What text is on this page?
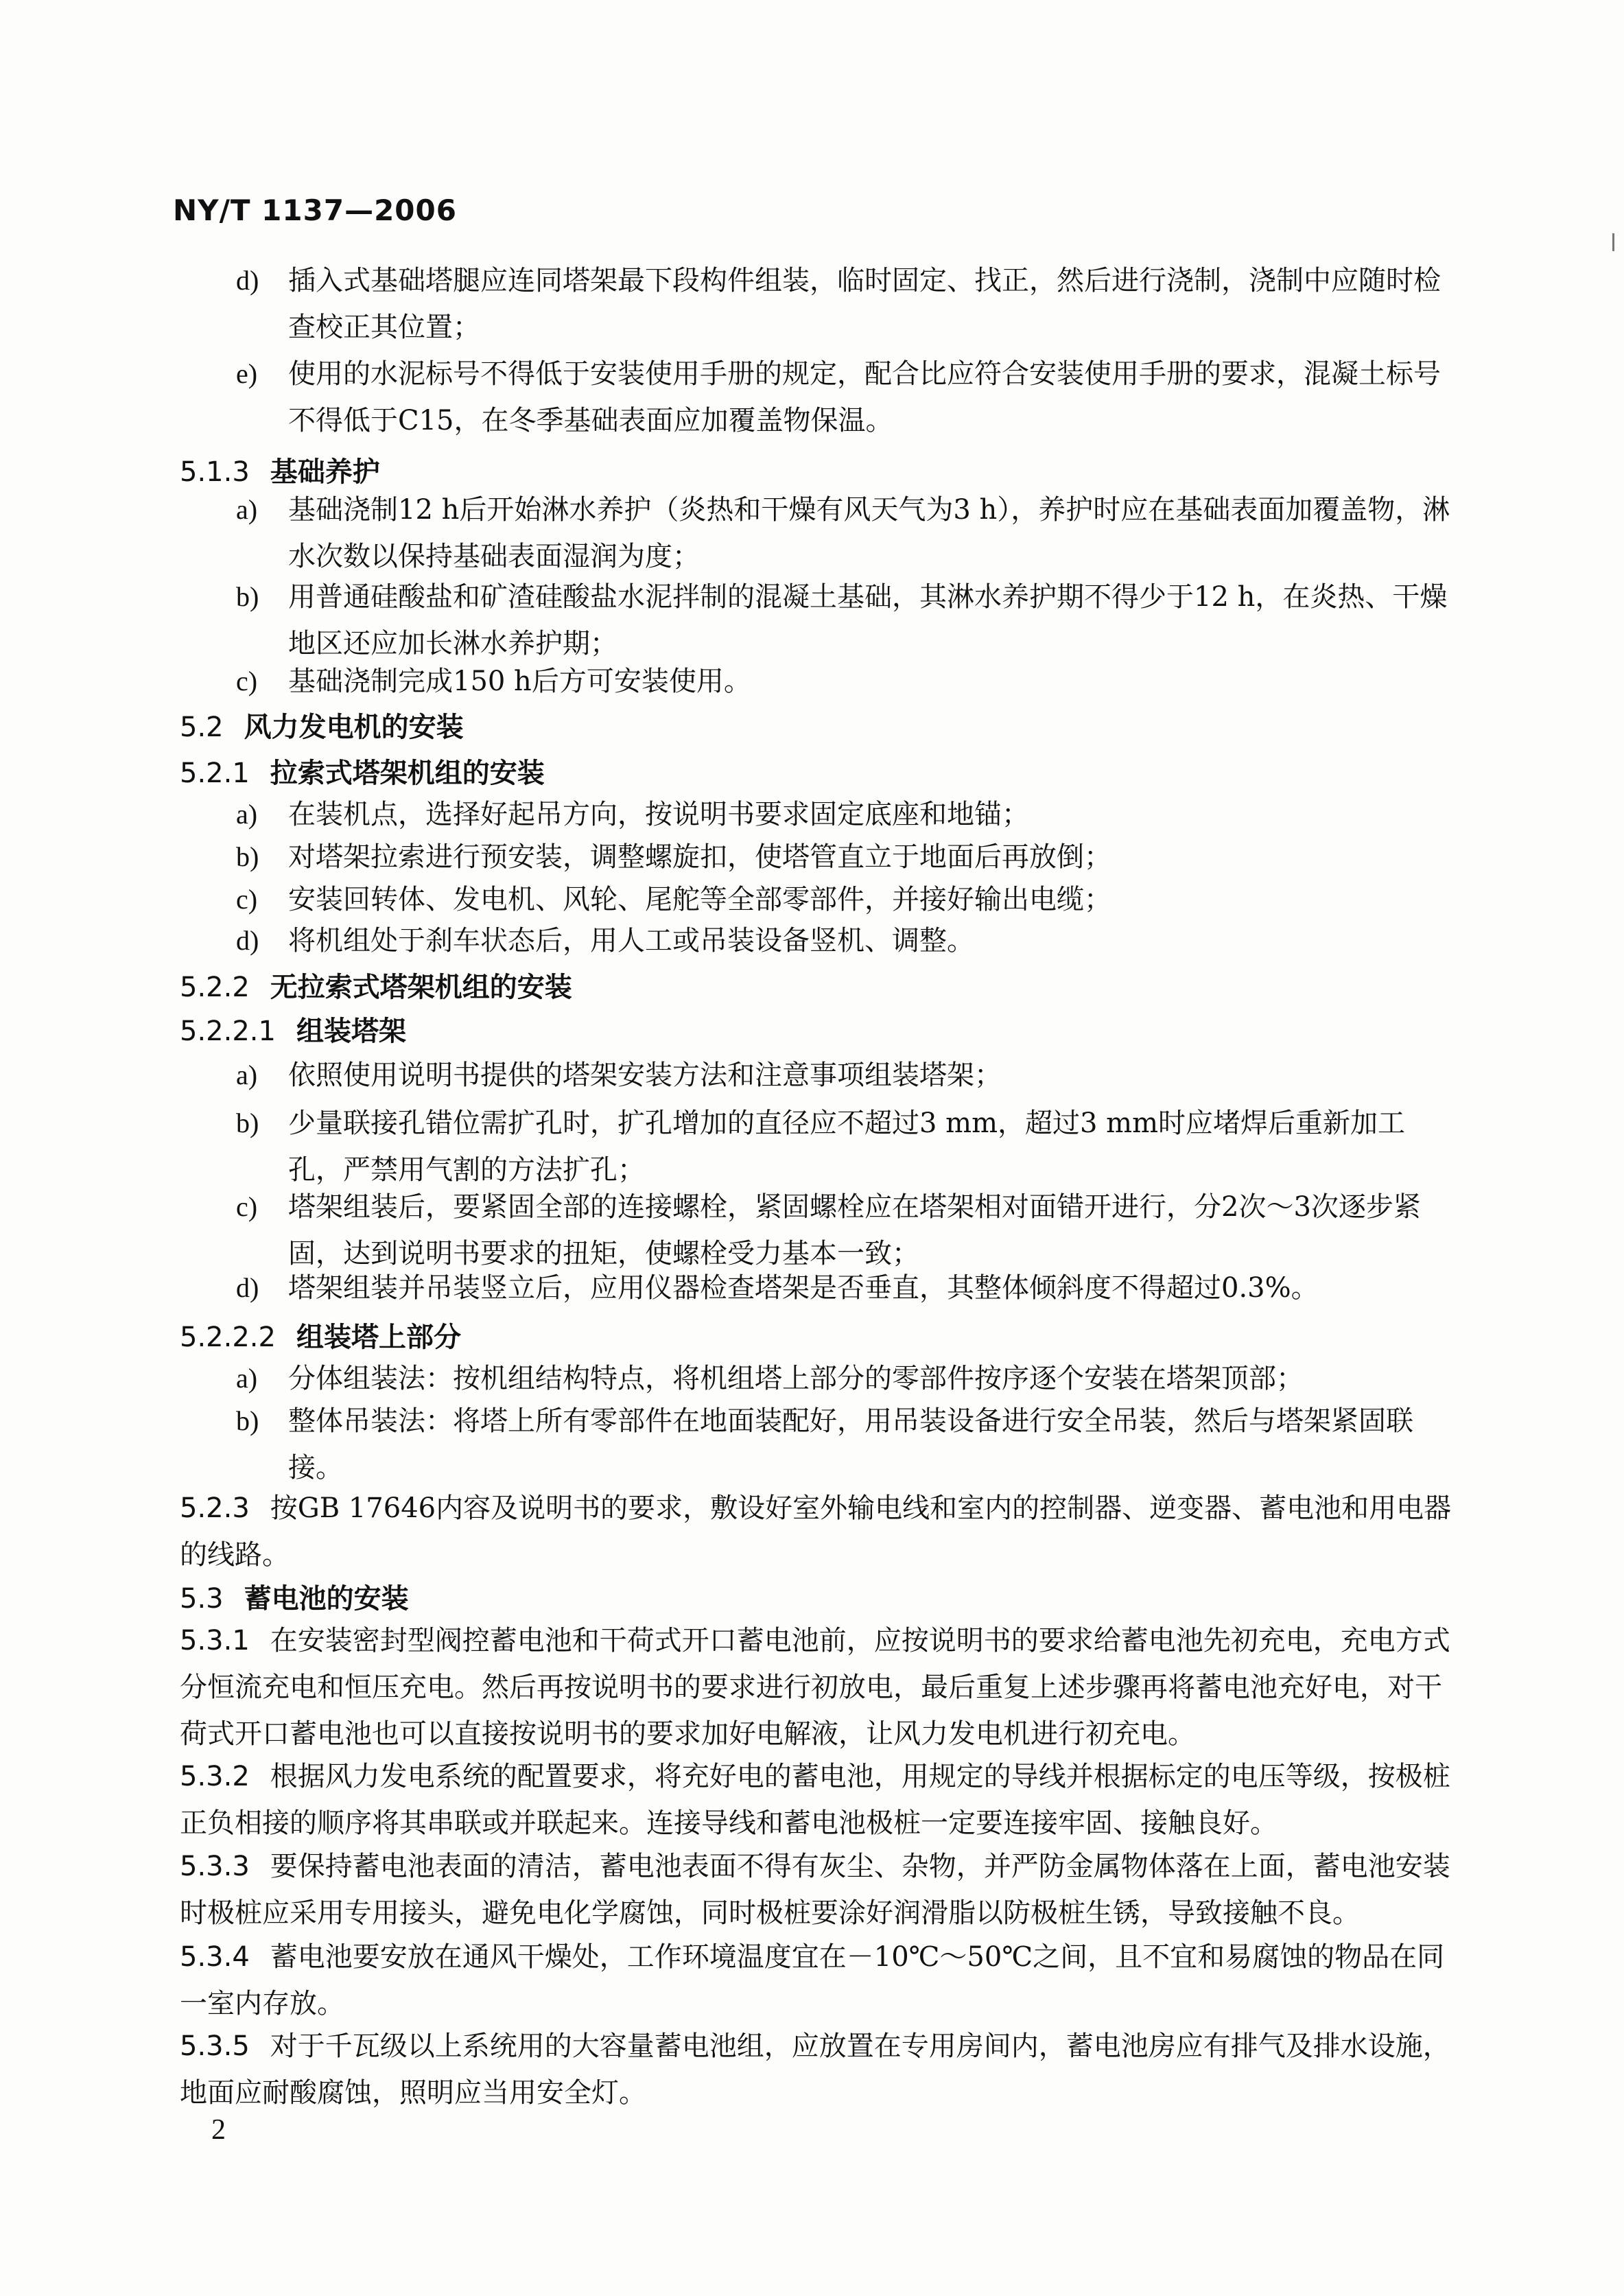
NY/T 1137—2006
d) 插入式基础塔腿应连同塔架最下段构件组装，临时固定、找正，然后进行浇制，浇制中应随时检查校正其位置；
e) 使用的水泥标号不得低于安装使用手册的规定，配合比应符合安装使用手册的要求，混凝土标号不得低于C15，在冬季基础表面应加覆盖物保温。
5.1.3 基础养护
a) 基础浇制12 h后开始淋水养护（炎热和干燥有风天气为3 h），养护时应在基础表面加覆盖物，淋水次数以保持基础表面湿润为度；
b) 用普通硅酸盐和矿渣硅酸盐水泥拌制的混凝土基础，其淋水养护期不得少于12 h，在炎热、干燥地区还应加长淋水养护期；
c) 基础浇制完成150 h后方可安装使用。
5.2 风力发电机的安装
5.2.1 拉索式塔架机组的安装
a) 在装机点，选择好起吊方向，按说明书要求固定底座和地锚；
b) 对塔架拉索进行预安装，调整螺旋扣，使塔管直立于地面后再放倒；
c) 安装回转体、发电机、风轮、尾舵等全部零部件，并接好输出电缆；
d) 将机组处于刹车状态后，用人工或吊装设备竖机、调整。
5.2.2 无拉索式塔架机组的安装
5.2.2.1 组装塔架
a) 依照使用说明书提供的塔架安装方法和注意事项组装塔架；
b) 少量联接孔错位需扩孔时，扩孔增加的直径应不超过3 mm，超过3 mm时应堵焊后重新加工孔，严禁用气割的方法扩孔；
c) 塔架组装后，要紧固全部的连接螺栓，紧固螺栓应在塔架相对面错开进行，分2次～3次逐步紧固，达到说明书要求的扭矩，使螺栓受力基本一致；
d) 塔架组装并吊装竖立后，应用仪器检查塔架是否垂直，其整体倾斜度不得超过0.3%。
5.2.2.2 组装塔上部分
a) 分体组装法：按机组结构特点，将机组塔上部分的零部件按序逐个安装在塔架顶部；
b) 整体吊装法：将塔上所有零部件在地面装配好，用吊装设备进行安全吊装，然后与塔架紧固联接。
5.2.3 按GB 17646内容及说明书的要求，敷设好室外输电线和室内的控制器、逆变器、蓄电池和用电器的线路。
5.3 蓄电池的安装
5.3.1 在安装密封型阀控蓄电池和干荷式开口蓄电池前，应按说明书的要求给蓄电池先初充电，充电方式分恒流充电和恒压充电。然后再按说明书的要求进行初放电，最后重复上述步骤再将蓄电池充好电，对干荷式开口蓄电池也可以直接按说明书的要求加好电解液，让风力发电机进行初充电。
5.3.2 根据风力发电系统的配置要求，将充好电的蓄电池，用规定的导线并根据标定的电压等级，按极桩正负相接的顺序将其串联或并联起来。连接导线和蓄电池极桩一定要连接牢固、接触良好。
5.3.3 要保持蓄电池表面的清洁，蓄电池表面不得有灰尘、杂物，并严防金属物体落在上面，蓄电池安装时极桩应采用专用接头，避免电化学腐蚀，同时极桩要涂好润滑脂以防极桩生锈，导致接触不良。
5.3.4 蓄电池要安放在通风干燥处，工作环境温度宜在－10℃～50℃之间，且不宜和易腐蚀的物品在同一室内存放。
5.3.5 对于千瓦级以上系统用的大容量蓄电池组，应放置在专用房间内，蓄电池房应有排气及排水设施，地面应耐酸腐蚀，照明应当用安全灯。
2
